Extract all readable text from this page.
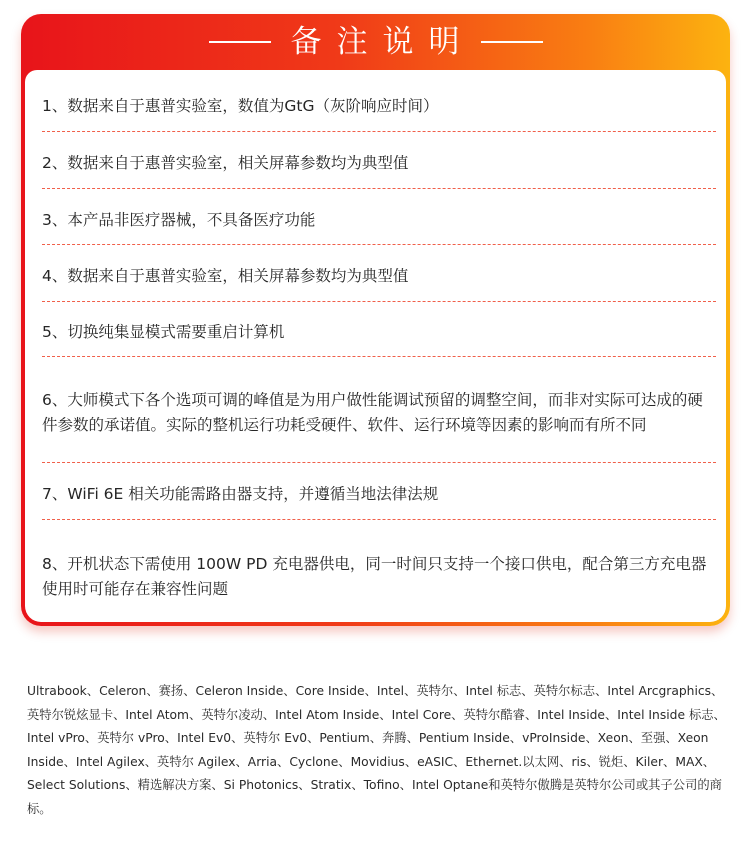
备注说明
1、数据来自于惠普实验室，数值为GtG（灰阶响应时间）
2、数据来自于惠普实验室，相关屏幕参数均为典型值
3、本产品非医疗器械，不具备医疗功能
4、数据来自于惠普实验室，相关屏幕参数均为典型值
5、切换纯集显模式需要重启计算机
6、大师模式下各个选项可调的峰值是为用户做性能调试预留的调整空间，而非对实际可达成的硬件参数的承诺值。实际的整机运行功耗受硬件、软件、运行环境等因素的影响而有所不同
7、WiFi 6E 相关功能需路由器支持，并遵循当地法律法规
8、开机状态下需使用 100W PD 充电器供电，同一时间只支持一个接口供电，配合第三方充电器使用时可能存在兼容性问题
Ultrabook、Celeron、赛扬、Celeron Inside、Core Inside、Intel、英特尔、Intel 标志、英特尔标志、Intel Arcgraphics、英特尔锐炫显卡、Intel Atom、英特尔凌动、Intel Atom Inside、Intel Core、英特尔酷睿、Intel Inside、Intel Inside 标志、Intel vPro、英特尔 vPro、Intel Ev0、英特尔 Ev0、Pentium、奔腾、Pentium Inside、vProInside、Xeon、至强、Xeon Inside、Intel Agilex、英特尔 Agilex、Arria、Cyclone、Movidius、eASIC、Ethernet.以太网、ris、锐炬、Kiler、MAX、Select Solutions、精选解决方案、Si Photonics、Stratix、Tofino、Intel Optane和英特尔傲腾是英特尔公司或其子公司的商标。
